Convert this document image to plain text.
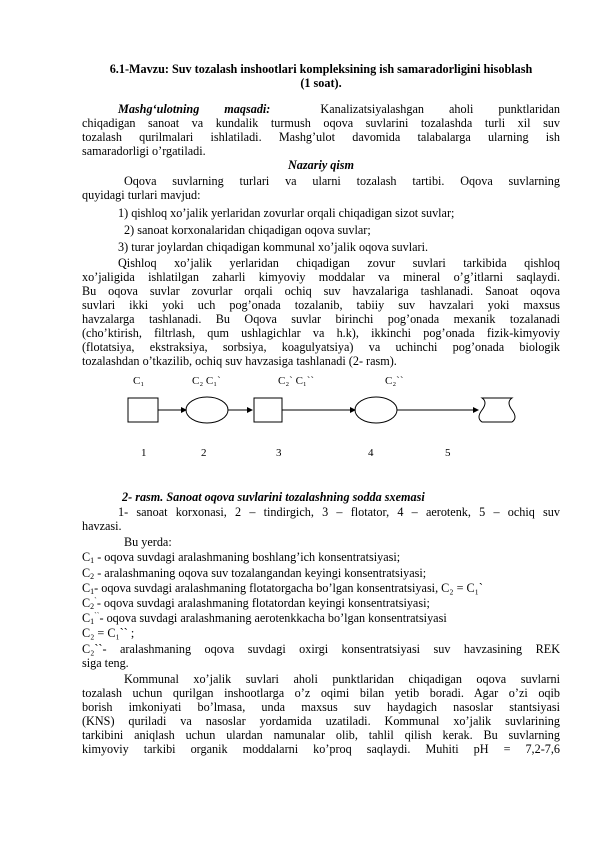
6.1-Mavzu: Suv tozalash inshootlari kompleksining ish samaradorligini hisoblash
(1 soat).
Mashg‘ulotning maqsadi:	Kanalizatsiyalashgan aholi punktlaridan
chiqadigan sanoat va kundalik turmush oqova suvlarini tozalashda turli xil suv
tozalash qurilmalari ishlatiladi. Mashg’ulot davomida talabalarga ularning ish
samaradorligi o’rgatiladi.
Nazariy qism
Oqova suvlarning turlari va ularni tozalash tartibi. Oqova suvlarning
quyidagi turlari mavjud:
1) qishloq xo’jalik yerlaridan zovurlar orqali chiqadigan sizot suvlar;
2) sanoat korxonalaridan chiqadigan oqova suvlar;
3) turar joylardan chiqadigan kommunal xo’jalik oqova suvlari.
Qishloq xo’jalik yerlaridan chiqadigan zovur suvlari tarkibida qishloq
xo’jaligida ishlatilgan zaharli kimyoviy moddalar va mineral o’g’itlarni saqlaydi.
Bu oqova suvlar zovurlar orqali ochiq suv havzalariga tashlanadi. Sanoat oqova
suvlari ikki yoki uch pog’onada tozalanib, tabiiy suv havzalari yoki maxsus
havzalarga tashlanadi. Bu Oqova suvlar birinchi pog’onada mexanik tozalanadi
(cho’ktirish, filtrlash, qum ushlagichlar va h.k), ikkinchi pog’onada fizik-kimyoviy
(flotatsiya, ekstraksiya, sorbsiya, koagulyatsiya) va uchinchi pog’onada biologik
tozalashdan o’tkazilib, ochiq suv havzasiga tashlanadi (2- rasm).
C₁	C₂ C₁`	C₂` C₁``	C₂``
1	2	3	4	5
2- rasm. Sanoat oqova suvlarini tozalashning sodda sxemasi
1- sanoat korxonasi, 2 – tindirgich, 3 – flotator, 4 – aerotenk, 5 – ochiq suv
havzasi.
Bu yerda:
$C_1$ - oqova suvdagi aralashmaning boshlang’ich konsentratsiyasi;
$C_2$ - aralashmaning oqova suv tozalangandan keyingi konsentratsiyasi;
$C_1-$ oqova suvdagi aralashmaning flotatorgacha bo’lgan konsentratsiyasi, C₂ = C₁`
$C_2^`-$ oqova suvdagi aralashmaning flotatordan keyingi konsentratsiyasi;
$C_1^{``}-$ oqova suvdagi aralashmaning aerotenkkacha bo’lgan konsentratsiyasi
C₂ = C₁`` ;
C₂``- aralashmaning oqova suvdagi oxirgi konsentratsiyasi suv havzasining REK
siga teng.
Kommunal xo’jalik suvlari aholi punktlaridan chiqadigan oqova suvlarni
tozalash uchun qurilgan inshootlarga o’z oqimi bilan yetib boradi. Agar o’zi oqib
borish imkoniyati bo’lmasa, unda maxsus suv haydagich nasoslar stantsiyasi
(KNS) quriladi va nasoslar yordamida uzatiladi. Kommunal xo’jalik suvlarining
tarkibini aniqlash uchun ulardan namunalar olib, tahlil qilish kerak. Bu suvlarning
kimyoviy tarkibi organik moddalarni ko’proq saqlaydi. Muhiti pH = 7,2-7,6
